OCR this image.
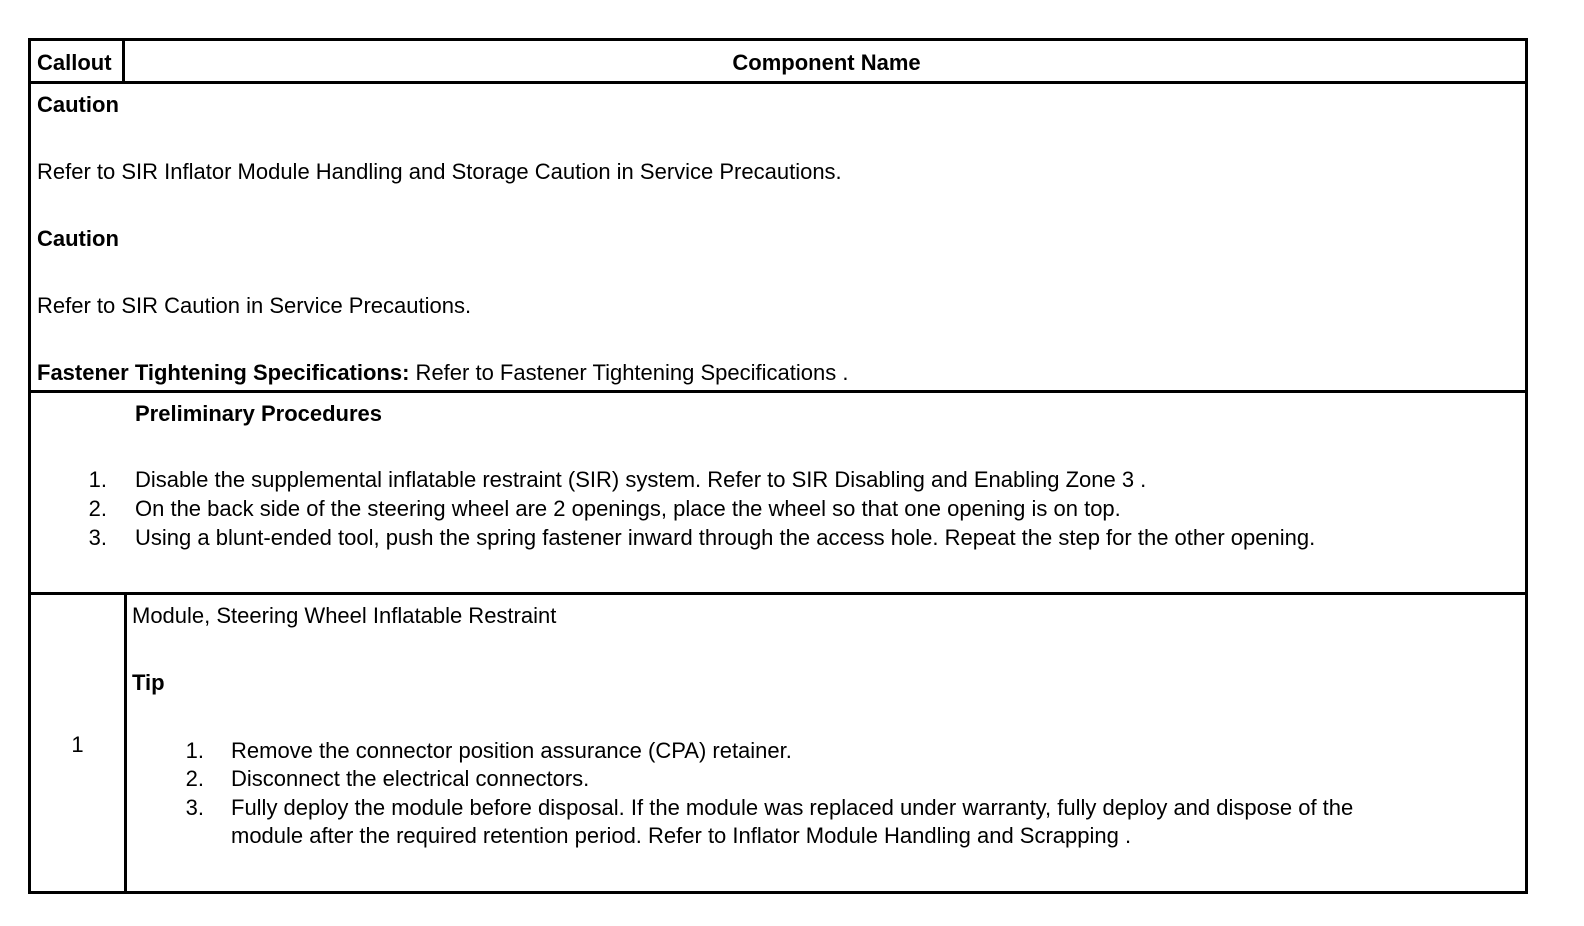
Callout	Component Name
Caution
Refer to SIR Inflator Module Handling and Storage Caution in Service Precautions.
Caution
Refer to SIR Caution in Service Precautions.
Fastener Tightening Specifications: Refer to Fastener Tightening Specifications .
Preliminary Procedures
1. Disable the supplemental inflatable restraint (SIR) system. Refer to SIR Disabling and Enabling Zone 3 .
2. On the back side of the steering wheel are 2 openings, place the wheel so that one opening is on top.
3. Using a blunt-ended tool, push the spring fastener inward through the access hole. Repeat the step for the other opening.
1
Module, Steering Wheel Inflatable Restraint
Tip
1. Remove the connector position assurance (CPA) retainer.
2. Disconnect the electrical connectors.
3. Fully deploy the module before disposal. If the module was replaced under warranty, fully deploy and dispose of the
module after the required retention period. Refer to Inflator Module Handling and Scrapping .
